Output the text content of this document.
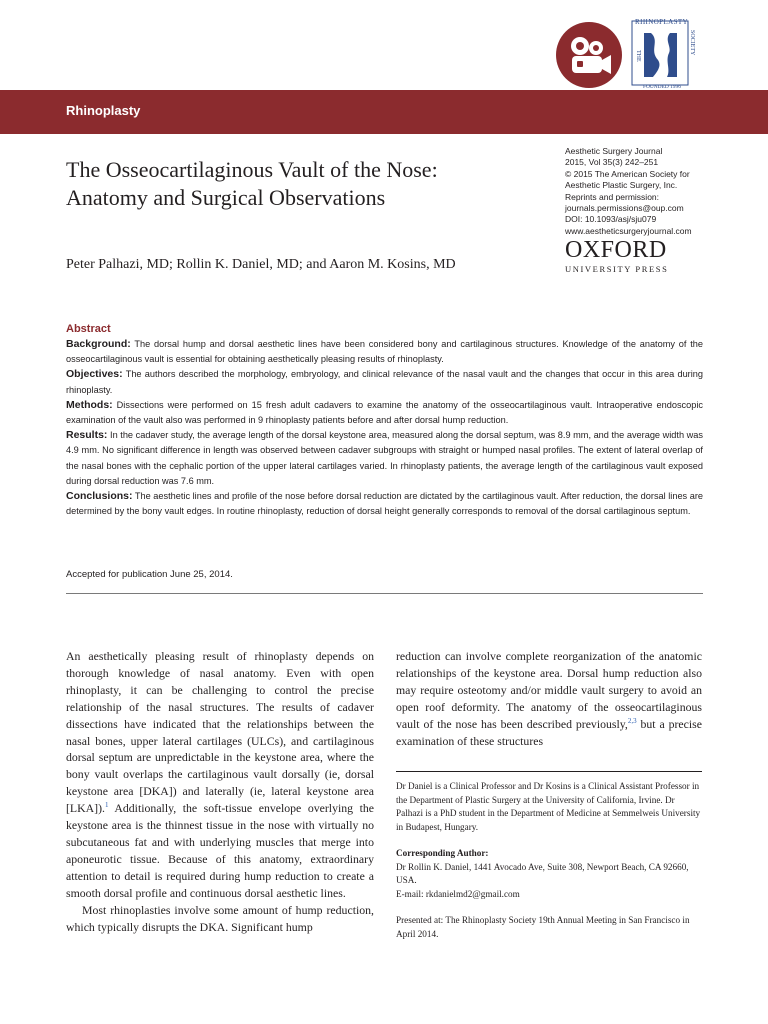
THE
RHINOPLASTY
SOCIETY
FOUNDED 1996
Rhinoplasty
The Osseocartilaginous Vault of the Nose:
Anatomy and Surgical Observations
Peter Palhazi, MD; Rollin K. Daniel, MD; and Aaron M. Kosins, MD
Aesthetic Surgery Journal
2015, Vol 35(3) 242–251
© 2015 The American Society for
Aesthetic Plastic Surgery, Inc.
Reprints and permission:
journals.permissions@oup.com
DOI: 10.1093/asj/sju079
www.aestheticsurgeryjournal.com
OXFORD
UNIVERSITY PRESS
Abstract

Background: The dorsal hump and dorsal aesthetic lines have been considered bony and cartilaginous structures. Knowledge of the anatomy of the osseocartilaginous vault is essential for obtaining aesthetically pleasing results of rhinoplasty.

Objectives: The authors described the morphology, embryology, and clinical relevance of the nasal vault and the changes that occur in this area during rhinoplasty.

Methods: Dissections were performed on 15 fresh adult cadavers to examine the anatomy of the osseocartilaginous vault. Intraoperative endoscopic examination of the vault also was performed in 9 rhinoplasty patients before and after dorsal hump reduction.

Results: In the cadaver study, the average length of the dorsal keystone area, measured along the dorsal septum, was 8.9 mm, and the average width was 4.9 mm. No significant difference in length was observed between cadaver subgroups with straight or humped nasal profiles. The extent of lateral overlap of the nasal bones with the cephalic portion of the upper lateral cartilages varied. In rhinoplasty patients, the average length of the cartilaginous vault exposed during dorsal reduction was 7.6 mm.

Conclusions: The aesthetic lines and profile of the nose before dorsal reduction are dictated by the cartilaginous vault. After reduction, the dorsal lines are determined by the bony vault edges. In routine rhinoplasty, reduction of dorsal height generally corresponds to removal of the dorsal cartilaginous septum.

Accepted for publication June 25, 2014.

An aesthetically pleasing result of rhinoplasty depends on thorough knowledge of nasal anatomy. Even with open rhinoplasty, it can be challenging to control the precise relationship of the nasal structures. The results of cadaver dissections have indicated that the relationships between the nasal bones, upper lateral cartilages (ULCs), and cartilaginous dorsal septum are unpredictable in the keystone area, where the bony vault overlaps the cartilaginous vault dorsally (ie, dorsal keystone area [DKA]) and laterally (ie, lateral keystone area [LKA]).$^1$ Additionally, the soft-tissue envelope overlying the keystone area is the thinnest tissue in the nose with virtually no subcutaneous fat and with underlying muscles that merge into aponeurotic tissue. Because of this anatomy, extraordinary attention to detail is required during hump reduction to create a smooth dorsal profile and continuous dorsal aesthetic lines.

Most rhinoplasties involve some amount of hump reduction, which typically disrupts the DKA. Significant hump

reduction can involve complete reorganization of the anatomic relationships of the keystone area. Dorsal hump reduction also may require osteotomy and/or middle vault surgery to avoid an open roof deformity. The anatomy of the osseocartilaginous vault of the nose has been described previously,$^{2,3}$ but a precise examination of these structures

Dr Daniel is a Clinical Professor and Dr Kosins is a Clinical Assistant Professor in the Department of Plastic Surgery at the University of California, Irvine. Dr Palhazi is a PhD student in the Department of Medicine at Semmelweis University in Budapest, Hungary.

Corresponding Author:
Dr Rollin K. Daniel, 1441 Avocado Ave, Suite 308, Newport Beach, CA 92660, USA.
E-mail: rkdanielmd2@gmail.com

Presented at: The Rhinoplasty Society 19th Annual Meeting in San Francisco in April 2014.
